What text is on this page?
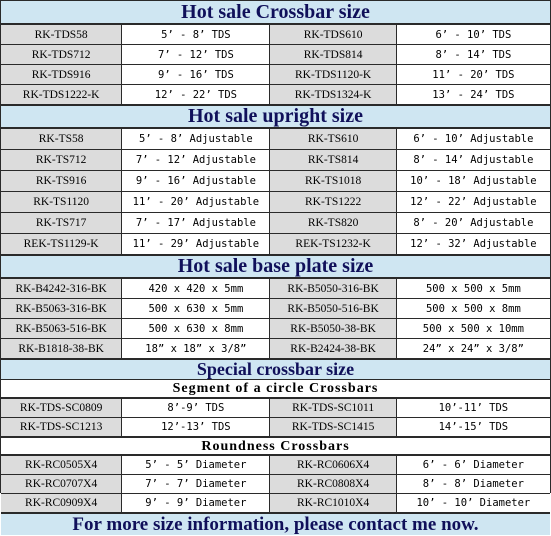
Hot sale Crossbar size
RK-TDS58	5’ - 8’ TDS	RK-TDS610	6’ - 10’ TDS
RK-TDS712	7’ - 12’ TDS	RK-TDS814	8’ - 14’ TDS
RK-TDS916	9’ - 16’ TDS	RK-TDS1120-K	11’ - 20’ TDS
RK-TDS1222-K	12’ - 22’ TDS	RK-TDS1324-K	13’ - 24’ TDS
Hot sale upright size
RK-TS58	5’ - 8’ Adjustable	RK-TS610	6’ - 10’ Adjustable
RK-TS712	7’ - 12’ Adjustable	RK-TS814	8’ - 14’ Adjustable
RK-TS916	9’ - 16’ Adjustable	RK-TS1018	10’ - 18’ Adjustable
RK-TS1120	11’ - 20’ Adjustable	RK-TS1222	12’ - 22’ Adjustable
RK-TS717	7’ - 17’ Adjustable	RK-TS820	8’ - 20’ Adjustable
REK-TS1129-K	11’ - 29’ Adjustable	REK-TS1232-K	12’ - 32’ Adjustable
Hot sale base plate size
RK-B4242-316-BK	420 x 420 x 5mm	RK-B5050-316-BK	500 x 500 x 5mm
RK-B5063-316-BK	500 x 630 x 5mm	RK-B5050-516-BK	500 x 500 x 8mm
RK-B5063-516-BK	500 x 630 x 8mm	RK-B5050-38-BK	500 x 500 x 10mm
RK-B1818-38-BK	18” x 18” x 3/8”	RK-B2424-38-BK	24” x 24” x 3/8”
Special crossbar size
Segment of a circle Crossbars
RK-TDS-SC0809	8’-9’ TDS	RK-TDS-SC1011	10’-11’ TDS
RK-TDS-SC1213	12’-13’ TDS	RK-TDS-SC1415	14’-15’ TDS
Roundness Crossbars
RK-RC0505X4	5’ - 5’ Diameter	RK-RC0606X4	6’ - 6’ Diameter
RK-RC0707X4	7’ - 7’ Diameter	RK-RC0808X4	8’ - 8’ Diameter
RK-RC0909X4	9’ - 9’ Diameter	RK-RC1010X4	10’ - 10’ Diameter
For more size information, please contact me now.
